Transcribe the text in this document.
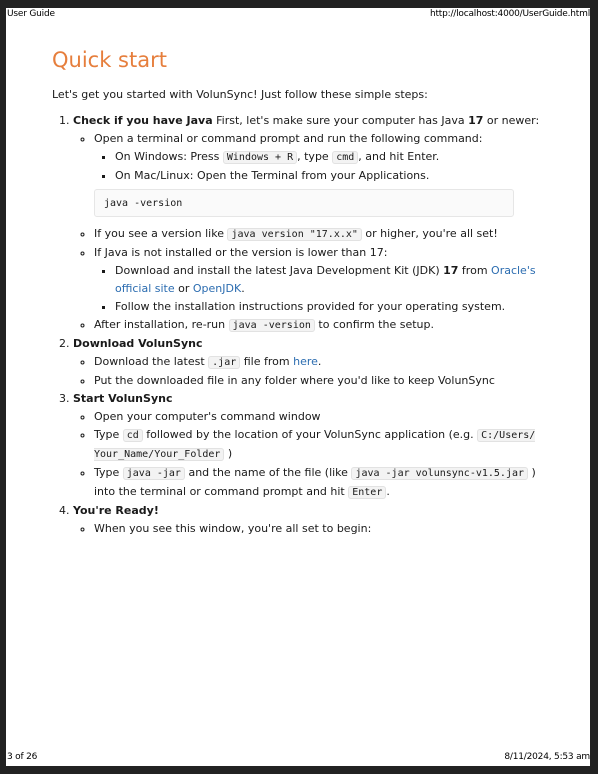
User Guide	http://localhost:4000/UserGuide.html
Quick start

Let's get you started with VolunSync! Just follow these simple steps:

1. Check if you have Java First, let's make sure your computer has Java 17 or newer:
◦ Open a terminal or command prompt and run the following command:
▪ On Windows: Press Windows + R , type cmd , and hit Enter.
▪ On Mac/Linux: Open the Terminal from your Applications.
java -version
◦ If you see a version like java version "17.x.x" or higher, you're all set!
◦ If Java is not installed or the version is lower than 17:
▪ Download and install the latest Java Development Kit (JDK) 17 from Oracle's official site or OpenJDK.
▪ Follow the installation instructions provided for your operating system.
◦ After installation, re-run java -version to confirm the setup.
2. Download VolunSync
◦ Download the latest .jar file from here.
◦ Put the downloaded file in any folder where you'd like to keep VolunSync
3. Start VolunSync
◦ Open your computer's command window
◦ Type cd followed by the location of your VolunSync application (e.g. C:/Users/ Your_Name/Your_Folder )
◦ Type java -jar and the name of the file (like java -jar volunsync-v1.5.jar ) into the terminal or command prompt and hit Enter .
4. You're Ready!
◦ When you see this window, you're all set to begin:
3 of 26	8/11/2024, 5:53 am
